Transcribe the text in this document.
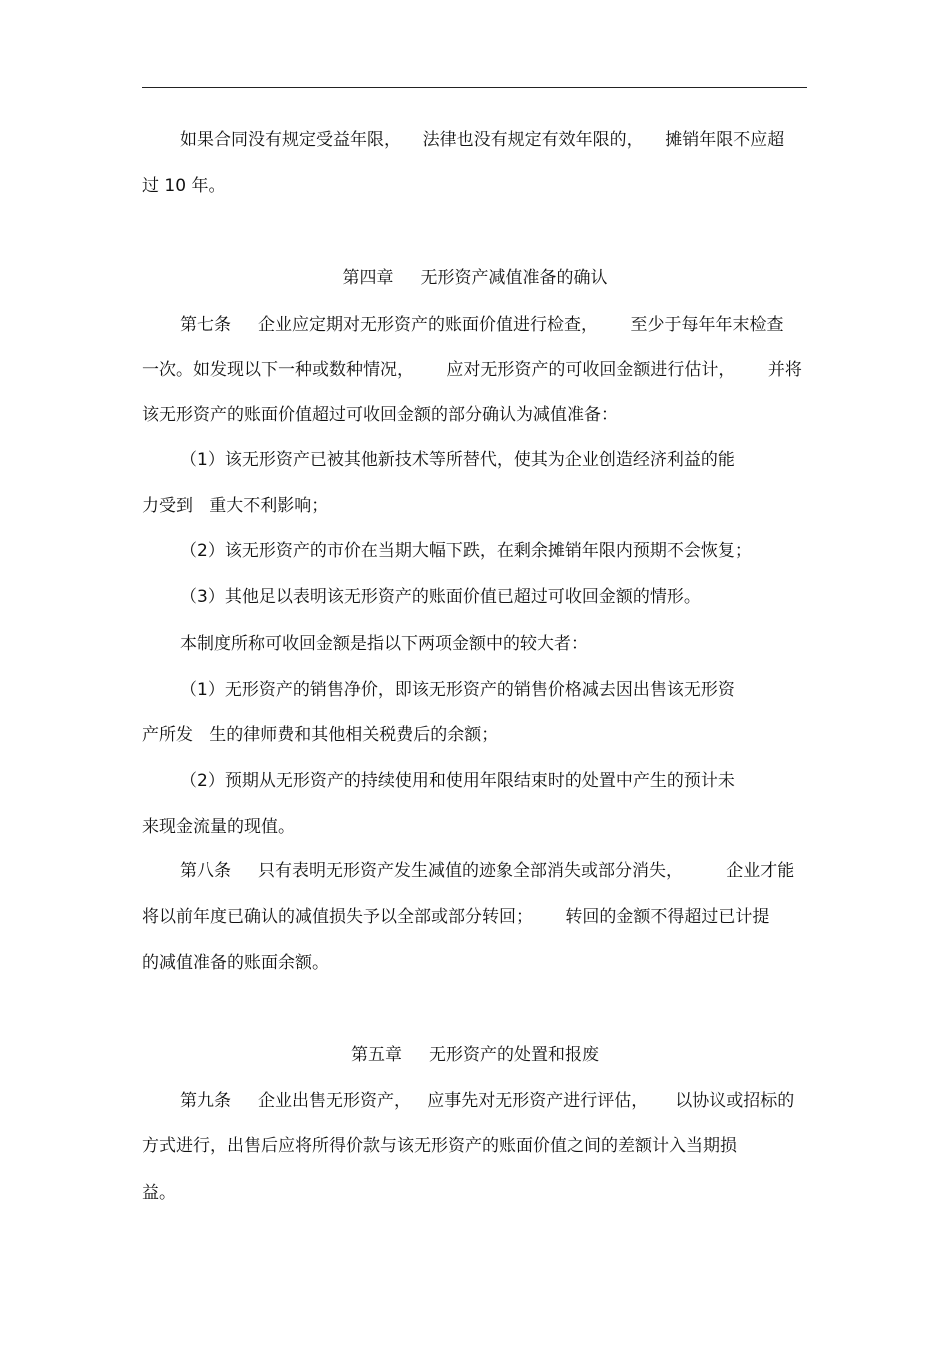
如果合同没有规定受益年限，    法律也没有规定有效年限的，    摊销年限不应超
过 10 年。
第四章     无形资产减值准备的确认
第七条     企业应定期对无形资产的账面价值进行检查，      至少于每年年末检查
一次。如发现以下一种或数种情况，      应对无形资产的可收回金额进行估计，      并将
该无形资产的账面价值超过可收回金额的部分确认为减值准备：
（1）该无形资产已被其他新技术等所替代，使其为企业创造经济利益的能
力受到   重大不利影响；
（2）该无形资产的市价在当期大幅下跌，在剩余摊销年限内预期不会恢复；
（3）其他足以表明该无形资产的账面价值已超过可收回金额的情形。
本制度所称可收回金额是指以下两项金额中的较大者：
（1）无形资产的销售净价，即该无形资产的销售价格减去因出售该无形资
产所发   生的律师费和其他相关税费后的余额；
（2）预期从无形资产的持续使用和使用年限结束时的处置中产生的预计未
来现金流量的现值。
第八条     只有表明无形资产发生减值的迹象全部消失或部分消失，        企业才能
将以前年度已确认的减值损失予以全部或部分转回；      转回的金额不得超过已计提
的减值准备的账面余额。
第五章     无形资产的处置和报废
第九条     企业出售无形资产，   应事先对无形资产进行评估，     以协议或招标的
方式进行，出售后应将所得价款与该无形资产的账面价值之间的差额计入当期损
益。
